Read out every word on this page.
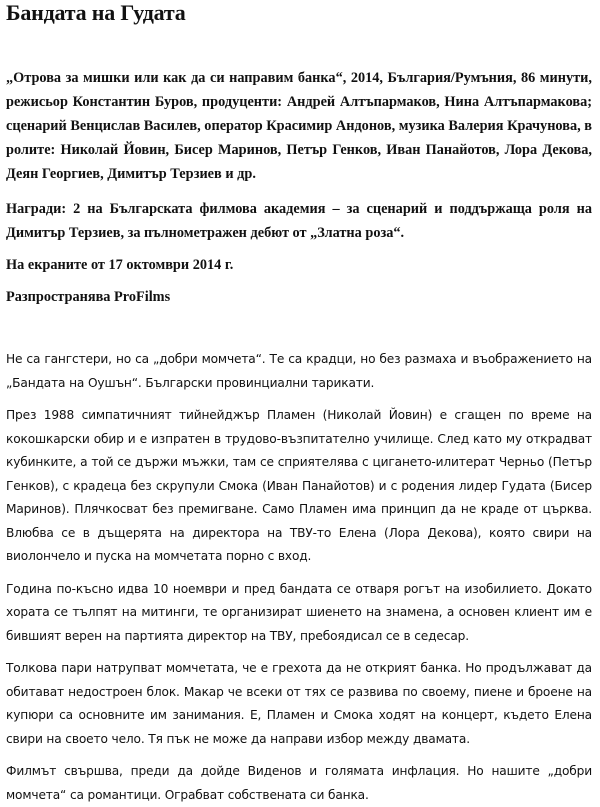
Бандата на Гудата

„Отрова за мишки или как да си направим банка“, 2014, България/Румъния, 86 минути, режисьор Константин Буров, продуценти: Андрей Алтъпармаков, Нина Алтъпармакова; сценарий Венцислав Василев, оператор Красимир Андонов, музика Валерия Крачунова, в ролите: Николай Йовин, Бисер Маринов, Петър Генков, Иван Панайотов, Лора Декова, Деян Георгиев, Димитър Терзиев и др.

Награди: 2 на Българската филмова академия – за сценарий и поддържаща роля на Димитър Терзиев, за пълнометражен дебют от „Златна роза“.

На екраните от 17 октомври 2014 г.

Разпространява ProFilms

Не са гангстери, но са „добри момчета“. Те са крадци, но без размаха и въображението на „Бандата на Оушън“. Български провинциални тарикати.

През 1988 симпатичният тийнейджър Пламен (Николай Йовин) е сгащен по време на кокошкарски обир и е изпратен в трудово-възпитателно училище. След като му открадват кубинките, а той се държи мъжки, там се сприятелява с цигането-илитерат Черньо (Петър Генков), с крадеца без скрупули Смока (Иван Панайотов) и с родения лидер Гудата (Бисер Маринов). Плячкосват без премигване. Само Пламен има принцип да не краде от църква. Влюбва се в дъщерята на директора на ТВУ-то Елена (Лора Декова), която свири на виолончело и пуска на момчетата порно с вход.

Година по-късно идва 10 ноември и пред бандата се отваря рогът на изобилието. Докато хората се тълпят на митинги, те организират шиенето на знамена, а основен клиент им е бившият верен на партията директор на ТВУ, пребоядисал се в седесар.

Толкова пари натрупват момчетата, че е грехота да не открият банка. Но продължават да обитават недостроен блок. Макар че всеки от тях се развива по своему, пиене и броене на купюри са основните им занимания. Е, Пламен и Смока ходят на концерт, където Елена свири на своето чело. Тя пък не може да направи избор между двамата.

Филмът свършва, преди да дойде Виденов и голямата инфлация. Но нашите „добри момчета“ са романтици. Ограбват собствената си банка.
